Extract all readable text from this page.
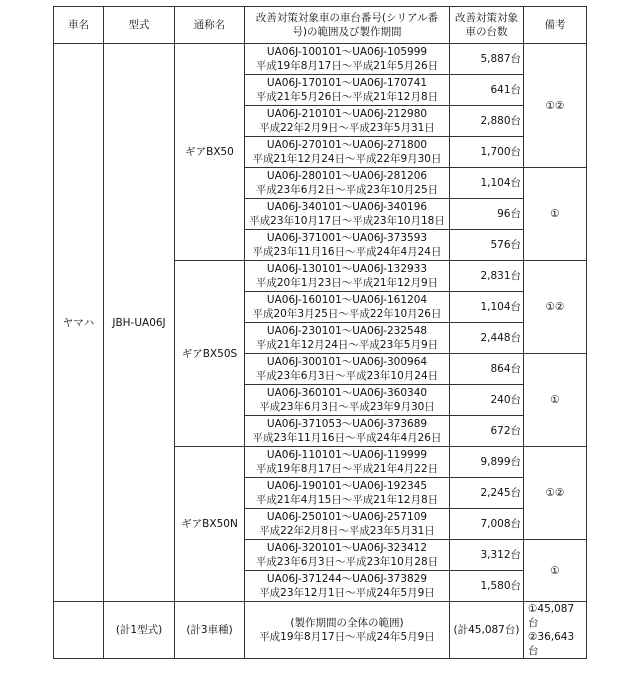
車名	型式	通称名	改善対策対象車の車台番号(シリアル番
号)の範囲及び製作期間	改善対策対象
車の台数	備考
ヤマハ	JBH-UA06J	ギアBX50	UA06J-100101～UA06J-105999
平成19年8月17日～平成21年5月26日	5,887台	①②

			UA06J-170101～UA06J-170741
平成21年5月26日～平成21年12月8日	641台	

			UA06J-210101～UA06J-212980
平成22年2月9日～平成23年5月31日	2,880台	

			UA06J-270101～UA06J-271800
平成21年12月24日～平成22年9月30日	1,700台	

			UA06J-280101～UA06J-281206
平成23年6月2日～平成23年10月25日	1,104台	①

			UA06J-340101～UA06J-340196
平成23年10月17日～平成23年10月18日	96台	

			UA06J-371001～UA06J-373593
平成23年11月16日～平成24年4月24日	576台	
		ギアBX50S	UA06J-130101～UA06J-132933
平成20年1月23日～平成21年12月9日	2,831台	①②

			UA06J-160101～UA06J-161204
平成20年3月25日～平成22年10月26日	1,104台	

			UA06J-230101～UA06J-232548
平成21年12月24日～平成23年5月9日	2,448台	

			UA06J-300101～UA06J-300964
平成23年6月3日～平成23年10月24日	864台	①

			UA06J-360101～UA06J-360340
平成23年6月3日～平成23年9月30日	240台	

			UA06J-371053～UA06J-373689
平成23年11月16日～平成24年4月26日	672台	
		ギアBX50N	UA06J-110101～UA06J-119999
平成19年8月17日～平成21年4月22日	9,899台	①②

			UA06J-190101～UA06J-192345
平成21年4月15日～平成21年12月8日	2,245台	

			UA06J-250101～UA06J-257109
平成22年2月8日～平成23年5月31日	7,008台	

			UA06J-320101～UA06J-323412
平成23年6月3日～平成23年10月28日	3,312台	①

			UA06J-371244～UA06J-373829
平成23年12月1日～平成24年5月9日	1,580台	
	(計1型式)	(計3車種)	(製作期間の全体の範囲)
平成19年8月17日～平成24年5月9日	(計45,087台)	①45,087台
②36,643台
